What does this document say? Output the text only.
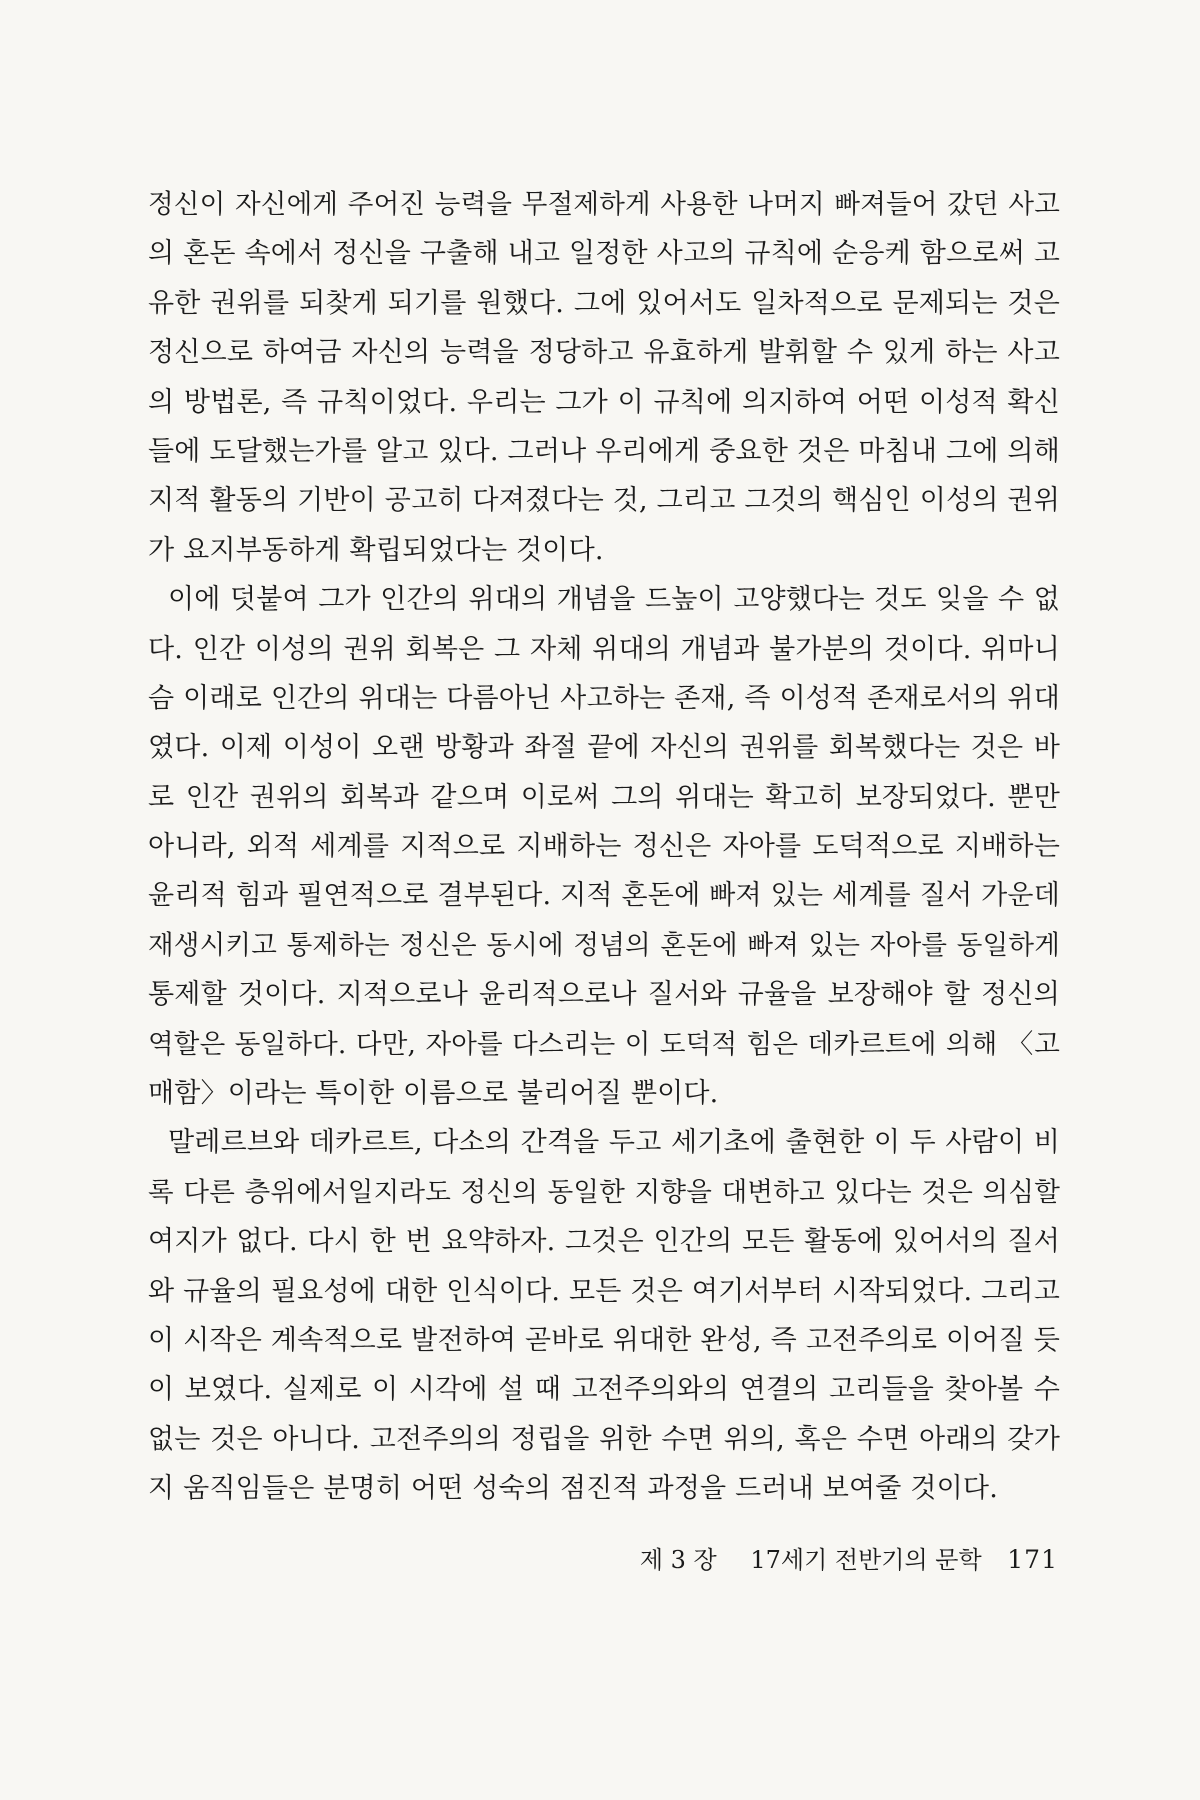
정신이 자신에게 주어진 능력을 무절제하게 사용한 나머지 빠져들어 갔던 사고
의 혼돈 속에서 정신을 구출해 내고 일정한 사고의 규칙에 순응케 함으로써 고
유한 권위를 되찾게 되기를 원했다. 그에 있어서도 일차적으로 문제되는 것은
정신으로 하여금 자신의 능력을 정당하고 유효하게 발휘할 수 있게 하는 사고
의 방법론, 즉 규칙이었다. 우리는 그가 이 규칙에 의지하여 어떤 이성적 확신
들에 도달했는가를 알고 있다. 그러나 우리에게 중요한 것은 마침내 그에 의해
지적 활동의 기반이 공고히 다져졌다는 것, 그리고 그것의 핵심인 이성의 권위
가 요지부동하게 확립되었다는 것이다.

이에 덧붙여 그가 인간의 위대의 개념을 드높이 고양했다는 것도 잊을 수 없
다. 인간 이성의 권위 회복은 그 자체 위대의 개념과 불가분의 것이다. 위마니
슴 이래로 인간의 위대는 다름아닌 사고하는 존재, 즉 이성적 존재로서의 위대
였다. 이제 이성이 오랜 방황과 좌절 끝에 자신의 권위를 회복했다는 것은 바
로 인간 권위의 회복과 같으며 이로써 그의 위대는 확고히 보장되었다. 뿐만
아니라, 외적 세계를 지적으로 지배하는 정신은 자아를 도덕적으로 지배하는
윤리적 힘과 필연적으로 결부된다. 지적 혼돈에 빠져 있는 세계를 질서 가운데
재생시키고 통제하는 정신은 동시에 정념의 혼돈에 빠져 있는 자아를 동일하게
통제할 것이다. 지적으로나 윤리적으로나 질서와 규율을 보장해야 할 정신의
역할은 동일하다. 다만, 자아를 다스리는 이 도덕적 힘은 데카르트에 의해 〈고
매함〉이라는 특이한 이름으로 불리어질 뿐이다.

말레르브와 데카르트, 다소의 간격을 두고 세기초에 출현한 이 두 사람이 비
록 다른 층위에서일지라도 정신의 동일한 지향을 대변하고 있다는 것은 의심할
여지가 없다. 다시 한 번 요약하자. 그것은 인간의 모든 활동에 있어서의 질서
와 규율의 필요성에 대한 인식이다. 모든 것은 여기서부터 시작되었다. 그리고
이 시작은 계속적으로 발전하여 곧바로 위대한 완성, 즉 고전주의로 이어질 듯
이 보였다. 실제로 이 시각에 설 때 고전주의와의 연결의 고리들을 찾아볼 수
없는 것은 아니다. 고전주의의 정립을 위한 수면 위의, 혹은 수면 아래의 갖가
지 움직임들은 분명히 어떤 성숙의 점진적 과정을 드러내 보여줄 것이다.

제 3 장 17세기 전반기의 문학 171
